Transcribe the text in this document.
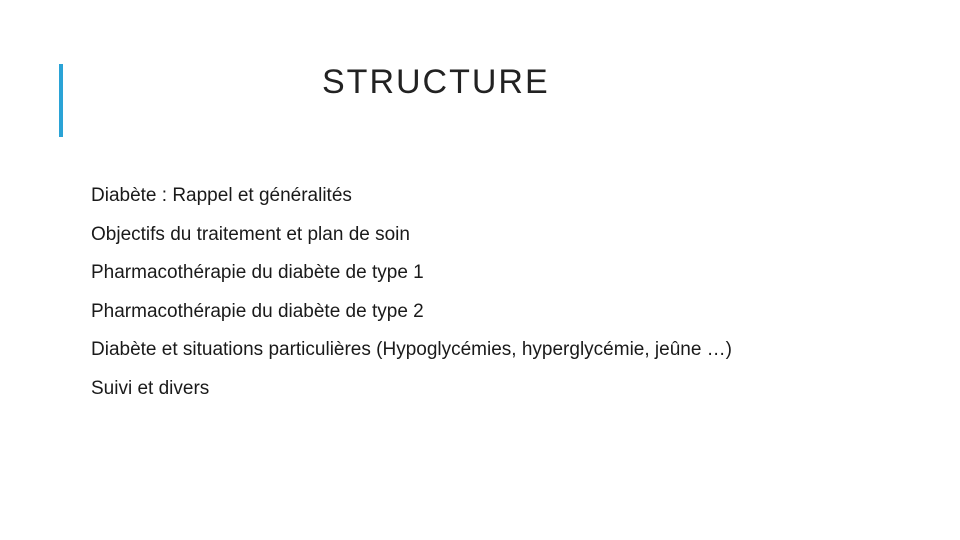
STRUCTURE
Diabète : Rappel et généralités
Objectifs du traitement et plan de soin
Pharmacothérapie du diabète de type 1
Pharmacothérapie du diabète de type 2
Diabète et situations particulières (Hypoglycémies, hyperglycémie, jeûne …)
Suivi et divers
